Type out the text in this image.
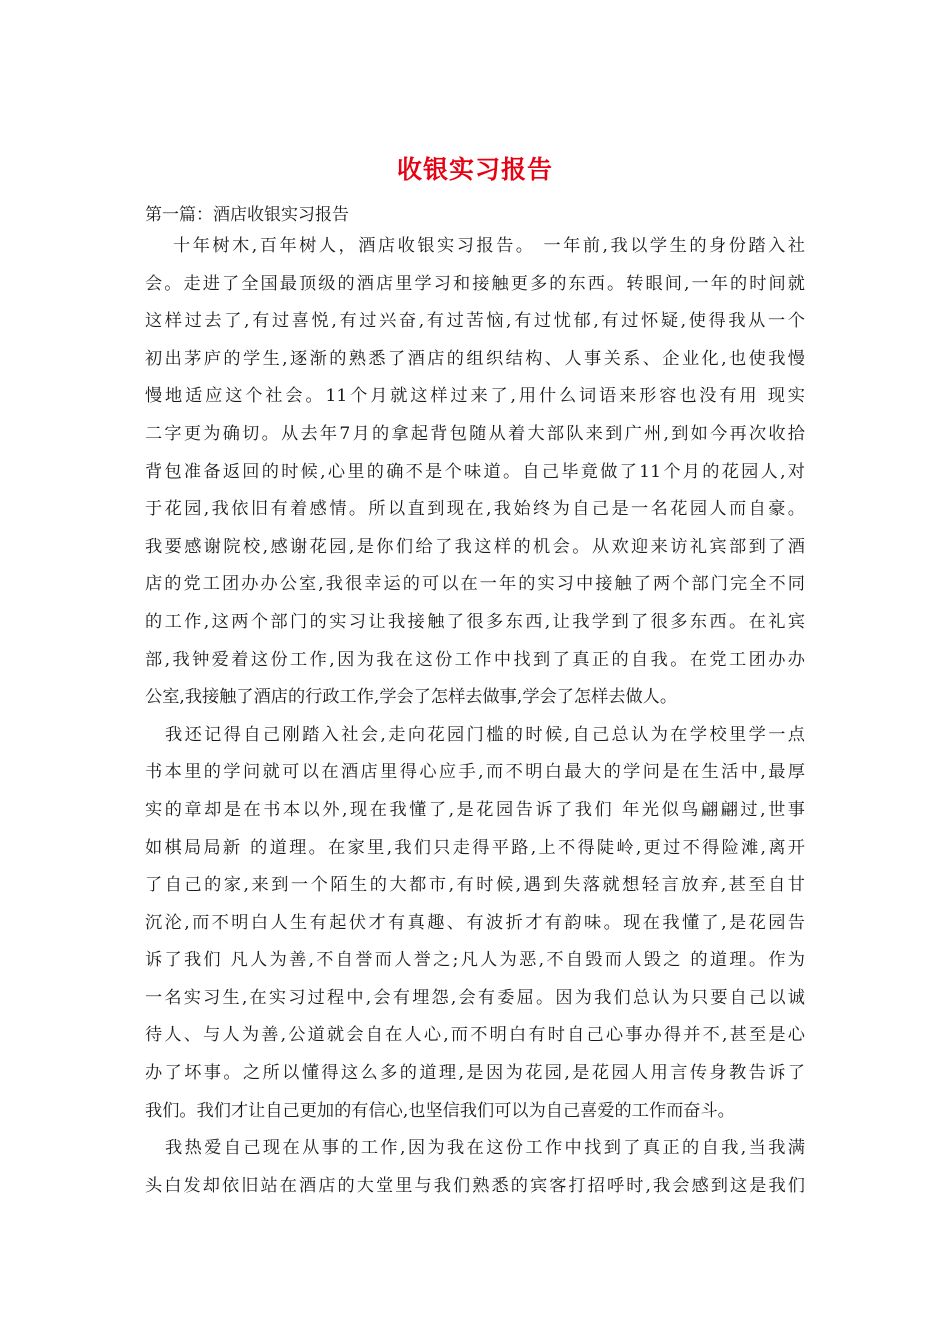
收银实习报告

第一篇：酒店收银实习报告

十年树木,百年树人，酒店收银实习报告。 一年前,我以学生的身份踏入社
会。走进了全国最顶级的酒店里学习和接触更多的东西。转眼间,一年的时间就
这样过去了,有过喜悦,有过兴奋,有过苦恼,有过忧郁,有过怀疑,使得我从一个
初出茅庐的学生,逐渐的熟悉了酒店的组织结构、人事关系、企业化,也使我慢
慢地适应这个社会。11个月就这样过来了,用什么词语来形容也没有用 现实
二字更为确切。从去年7月的拿起背包随从着大部队来到广州,到如今再次收拾
背包准备返回的时候,心里的确不是个味道。自己毕竟做了11个月的花园人,对
于花园,我依旧有着感情。所以直到现在,我始终为自己是一名花园人而自豪。
我要感谢院校,感谢花园,是你们给了我这样的机会。从欢迎来访礼宾部到了酒
店的党工团办办公室,我很幸运的可以在一年的实习中接触了两个部门完全不同
的工作,这两个部门的实习让我接触了很多东西,让我学到了很多东西。在礼宾
部,我钟爱着这份工作,因为我在这份工作中找到了真正的自我。在党工团办办
公室,我接触了酒店的行政工作,学会了怎样去做事,学会了怎样去做人。
我还记得自己刚踏入社会,走向花园门槛的时候,自己总认为在学校里学一点
书本里的学问就可以在酒店里得心应手,而不明白最大的学问是在生活中,最厚
实的章却是在书本以外,现在我懂了,是花园告诉了我们 年光似鸟翩翩过,世事
如棋局局新 的道理。在家里,我们只走得平路,上不得陡岭,更过不得险滩,离开
了自己的家,来到一个陌生的大都市,有时候,遇到失落就想轻言放弃,甚至自甘
沉沦,而不明白人生有起伏才有真趣、有波折才有韵味。现在我懂了,是花园告
诉了我们 凡人为善,不自誉而人誉之;凡人为恶,不自毁而人毁之 的道理。作为
一名实习生,在实习过程中,会有埋怨,会有委屈。因为我们总认为只要自己以诚
待人、与人为善,公道就会自在人心,而不明白有时自己心事办得并不,甚至是心
办了坏事。之所以懂得这么多的道理,是因为花园,是花园人用言传身教告诉了
我们。我们才让自己更加的有信心,也坚信我们可以为自己喜爱的工作而奋斗。
我热爱自己现在从事的工作,因为我在这份工作中找到了真正的自我,当我满
头白发却依旧站在酒店的大堂里与我们熟悉的宾客打招呼时,我会感到这是我们
